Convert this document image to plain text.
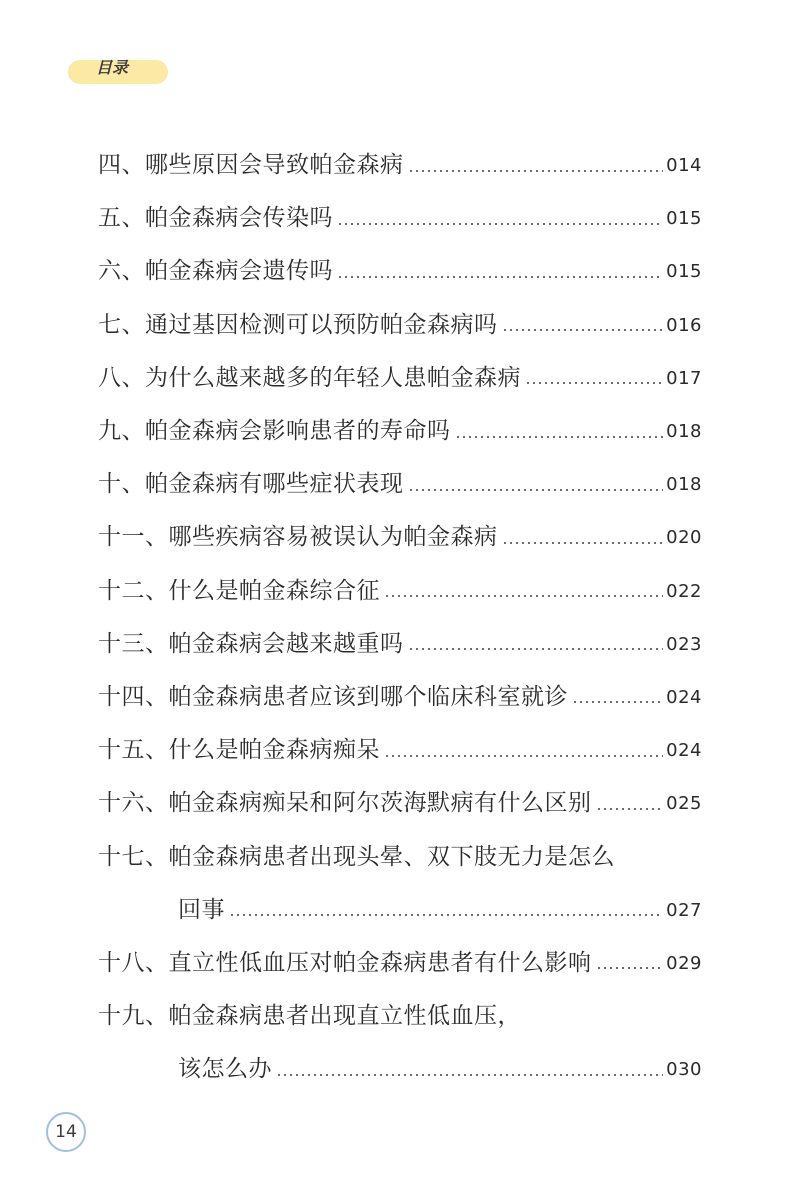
目录
四、哪些原因会导致帕金森病	014
五、帕金森病会传染吗	015
六、帕金森病会遗传吗	015
七、通过基因检测可以预防帕金森病吗	016
八、为什么越来越多的年轻人患帕金森病	017
九、帕金森病会影响患者的寿命吗	018
十、帕金森病有哪些症状表现	018
十一、哪些疾病容易被误认为帕金森病	020
十二、什么是帕金森综合征	022
十三、帕金森病会越来越重吗	023
十四、帕金森病患者应该到哪个临床科室就诊	024
十五、什么是帕金森病痴呆	024
十六、帕金森病痴呆和阿尔茨海默病有什么区别	025
十七、帕金森病患者出现头晕、双下肢无力是怎么
回事	027
十八、直立性低血压对帕金森病患者有什么影响	029
十九、帕金森病患者出现直立性低血压，
该怎么办	030
14
